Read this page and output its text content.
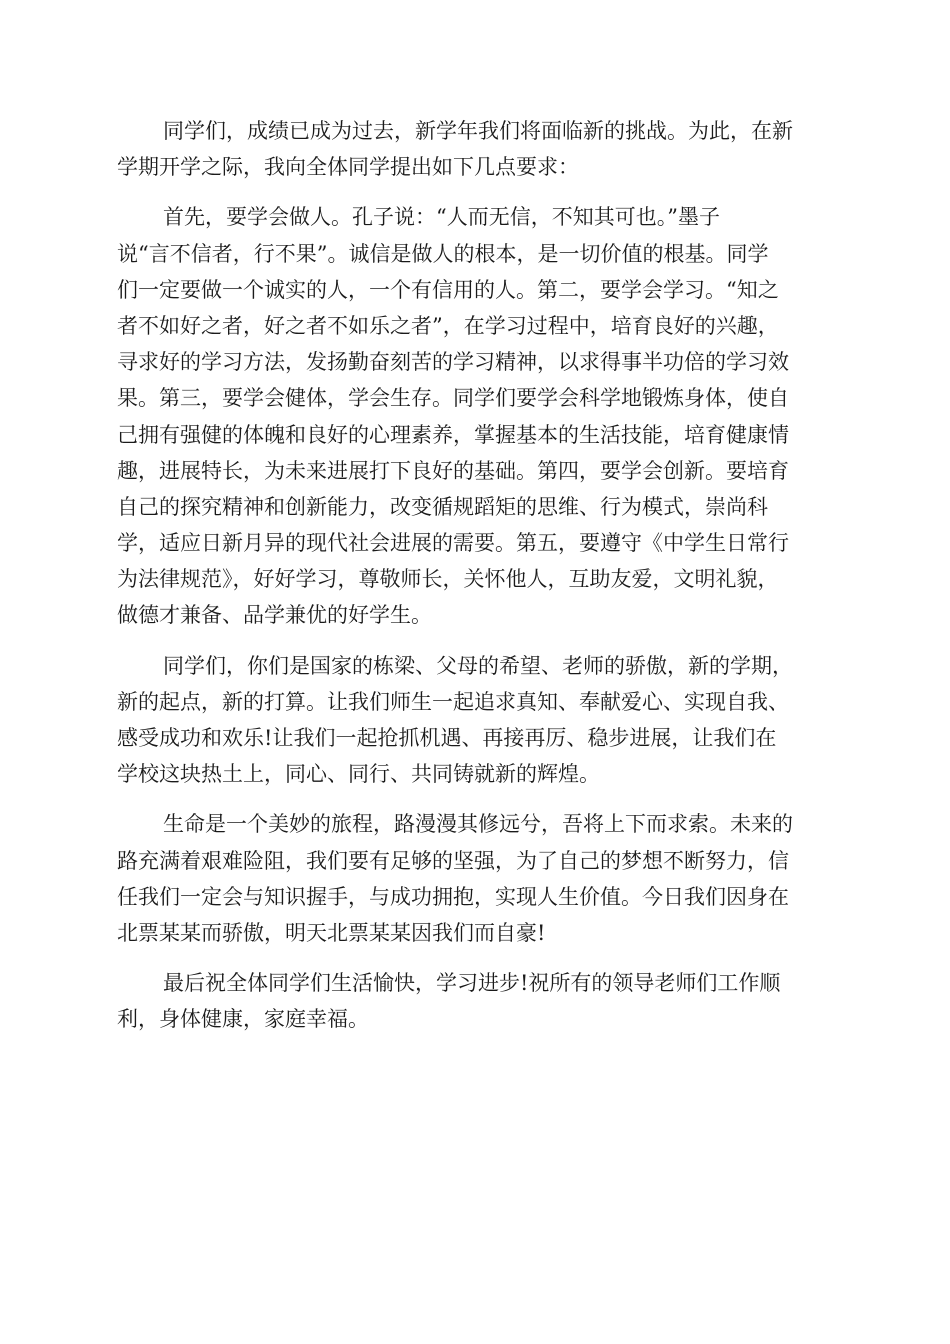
同学们，成绩已成为过去，新学年我们将面临新的挑战。为此，在新
学期开学之际，我向全体同学提出如下几点要求：
首先，要学会做人。孔子说：“人而无信，不知其可也。”墨子
说“言不信者，行不果”。诚信是做人的根本，是一切价值的根基。同学
们一定要做一个诚实的人，一个有信用的人。第二，要学会学习。“知之
者不如好之者，好之者不如乐之者”，在学习过程中，培育良好的兴趣，
寻求好的学习方法，发扬勤奋刻苦的学习精神，以求得事半功倍的学习效
果。第三，要学会健体，学会生存。同学们要学会科学地锻炼身体，使自
己拥有强健的体魄和良好的心理素养，掌握基本的生活技能，培育健康情
趣，进展特长，为未来进展打下良好的基础。第四，要学会创新。要培育
自己的探究精神和创新能力，改变循规蹈矩的思维、行为模式，崇尚科
学，适应日新月异的现代社会进展的需要。第五，要遵守《中学生日常行
为法律规范》，好好学习，尊敬师长，关怀他人，互助友爱，文明礼貌，
做德才兼备、品学兼优的好学生。
同学们，你们是国家的栋梁、父母的希望、老师的骄傲，新的学期，
新的起点，新的打算。让我们师生一起追求真知、奉献爱心、实现自我、
感受成功和欢乐!让我们一起抢抓机遇、再接再厉、稳步进展，让我们在
学校这块热土上，同心、同行、共同铸就新的辉煌。
生命是一个美妙的旅程，路漫漫其修远兮，吾将上下而求索。未来的
路充满着艰难险阻，我们要有足够的坚强，为了自己的梦想不断努力，信
任我们一定会与知识握手，与成功拥抱，实现人生价值。今日我们因身在
北票某某而骄傲，明天北票某某因我们而自豪!
最后祝全体同学们生活愉快，学习进步!祝所有的领导老师们工作顺
利，身体健康，家庭幸福。
